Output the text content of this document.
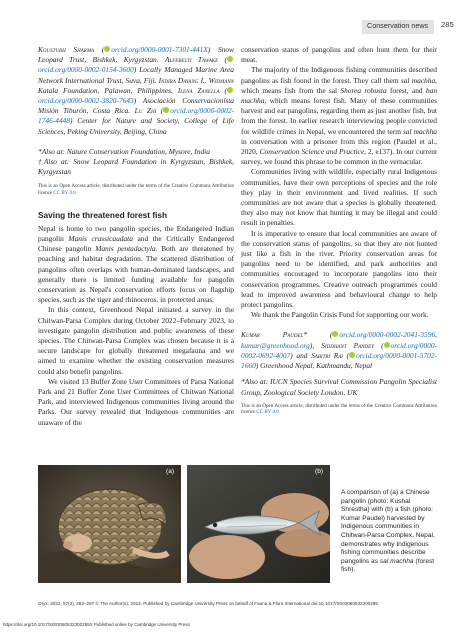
Conservation news 285

Koustubh Sharma ( orcid.org/0000-0001-7301-441X) Snow Leopard Trust, Bishkek, Kyrgyzstan. Alferelti Tawake (orcid.org/0000-0002-0154-3600) Locally Managed Marine Area Network International Trust, Suva, Fiji. Indira Dayang L. Widmann Katala Foundation, Palawan, Philippines. Ilena Zanella (orcid.org/0000-0002-3820-7643) Asociación Conservacionista Misión Tiburón, Costa Rica. Lu Zhi ( orcid.org/0000-0002-1746-4448) Center for Nature and Society, College of Life Sciences, Peking University, Beijing, China

*Also at: Nature Conservation Foundation, Mysore, India

†Also at: Snow Leopard Foundation in Kyrgyzstan, Bishkek, Kyrgyzstan

This is an Open Access article, distributed under the terms of the Creative Commons Attribution licence CC BY 4.0

Saving the threatened forest fish

Nepal is home to two pangolin species, the Endangered Indian pangolin Manis crassicaudata and the Critically Endangered Chinese pangolin Manis pentadactyla. Both are threatened by poaching and habitat degradation. The scattered distribution of pangolins often overlaps with human-dominated landscapes, and generally there is limited funding available for pangolin conservation as Nepal's conservation efforts focus on flagship species, such as the tiger and rhinoceros, in protected areas.

In this context, Greenhood Nepal initiated a survey in the Chitwan-Parsa Complex during October 2022–February 2023, to investigate pangolin distribution and public awareness of these species. The Chitwan-Parsa Complex was chosen because it is a secure landscape for globally threatened megafauna and we aimed to examine whether the existing conservation measures could also benefit pangolins.

We visited 13 Buffer Zone User Committees of Parsa National Park and 21 Buffer Zone User Committees of Chitwan National Park, and interviewed Indigenous communities living around the Parks. Our survey revealed that Indigenous communities are unaware of the

conservation status of pangolins and often hunt them for their meat.

The majority of the Indigenous fishing communities described pangolins as fish found in the forest. They call them sal machha, which means fish from the sal Shorea robusta forest, and ban machha, which means forest fish. Many of these communities harvest and eat pangolins, regarding them as just another fish, but from the forest. In earlier research interviewing people convicted for wildlife crimes in Nepal, we encountered the term sal machha in conversation with a prisoner from this region (Paudel et al., 2020, Conservation Science and Practice, 2, e137). In our current survey, we found this phrase to be common in the vernacular.

Communities living with wildlife, especially rural Indigenous communities, have their own perceptions of species and the role they play in their environment and lived realities. If such communities are not aware that a species is globally threatened, they also may not know that hunting it may be illegal and could result in penalties.

It is imperative to ensure that local communities are aware of the conservation status of pangolins, so that they are not hunted just like a fish in the river. Priority conservation areas for pangolins need to be identified, and park authorities and communities encouraged to incorporate pangolins into their conservation programmes. Creative outreach programmes could lead to improved awareness and behavioural change to help protect pangolins.

We thank the Pangolin Crisis Fund for supporting our work.

Kumar Paudel* ( orcid.org/0000-0002-2041-3596, kumar@greenhood.org), Siddhant Pandey ( orcid.org/0000-0002-0692-4007) and Sabitri Rai ( orcid.org/0000-0001-5702-1660) Greenhood Nepal, Kathmandu, Nepal

*Also at: IUCN Species Survival Commission Pangolin Specialist Group, Zoological Society London, UK

This is an Open Access article, distributed under the terms of the Creative Commons Attribution licence CC BY 4.0

(a)	(b)
A comparison of (a) a Chinese pangolin (photo: Kushal Shrestha) with (b) a fish (photo: Kumar Paudel) harvested by Indigenous communities in Chitwan-Parsa Complex, Nepal, demonstrates why Indigenous fishing communities describe pangolins as sal machha (forest fish).
Oryx, 2023, 57(3), 283–287 © The Author(s), 2023. Published by Cambridge University Press on behalf of Fauna & Flora International doi:10.1017/S003060532300285
https://doi.org/10.1017/S003060532300255X Published online by Cambridge University Press
